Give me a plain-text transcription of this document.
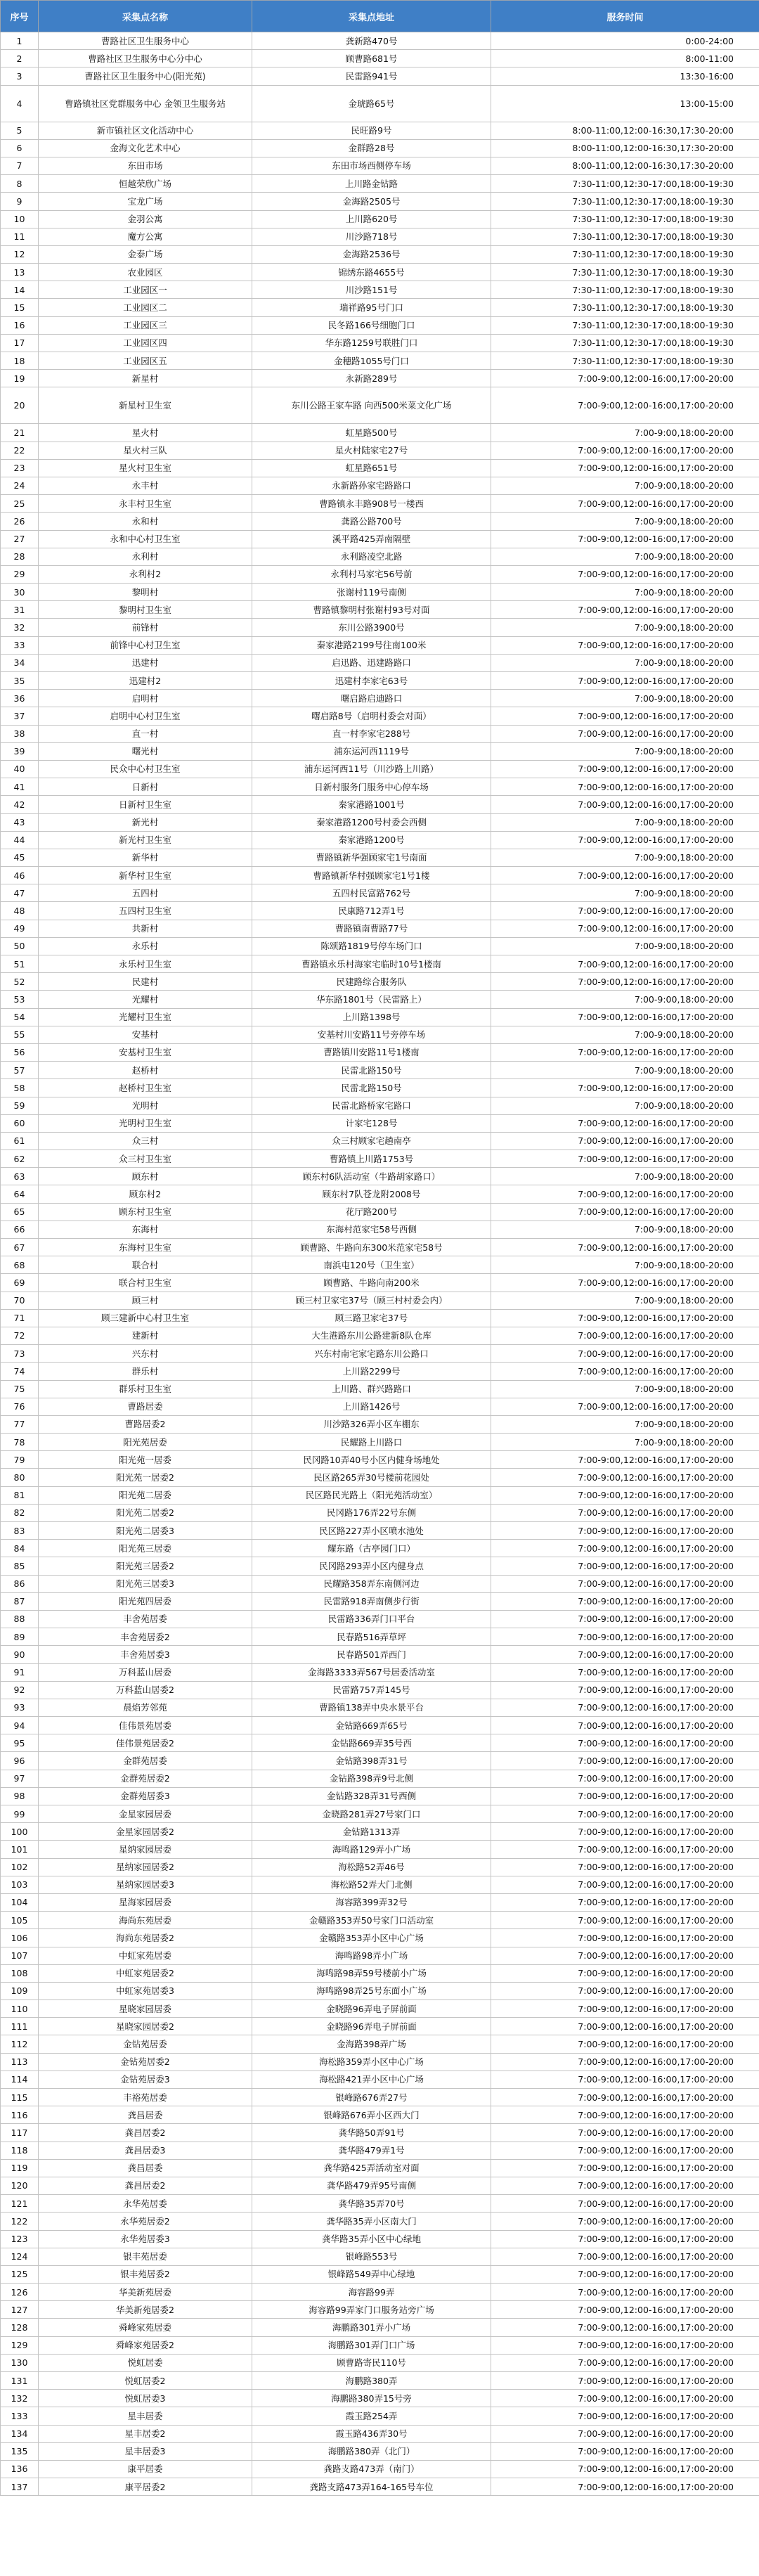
序号	采集点名称	采集点地址	服务时间
1	曹路社区卫生服务中心	龚新路470号	0:00-24:00
2	曹路社区卫生服务中心分中心	顾曹路681号	8:00-11:00
3	曹路社区卫生服务中心(阳光苑)	民雷路941号	13:30-16:00
4	曹路镇社区党群服务中心 金领卫生服务站	金琥路65号	13:00-15:00
5	新市镇社区文化活动中心	民旺路9号	8:00-11:00,12:00-16:30,17:30-20:00
6	金海文化艺术中心	金群路28号	8:00-11:00,12:00-16:30,17:30-20:00
7	东田市场	东田市场西侧停车场	8:00-11:00,12:00-16:30,17:30-20:00
8	恒越荣欣广场	上川路金钻路	7:30-11:00,12:30-17:00,18:00-19:30
9	宝龙广场	金海路2505号	7:30-11:00,12:30-17:00,18:00-19:30
10	金羽公寓	上川路620号	7:30-11:00,12:30-17:00,18:00-19:30
11	魔方公寓	川沙路718号	7:30-11:00,12:30-17:00,18:00-19:30
12	金泰广场	金海路2536号	7:30-11:00,12:30-17:00,18:00-19:30
13	农业园区	锦绣东路4655号	7:30-11:00,12:30-17:00,18:00-19:30
14	工业园区一	川沙路151号	7:30-11:00,12:30-17:00,18:00-19:30
15	工业园区二	瑞祥路95号门口	7:30-11:00,12:30-17:00,18:00-19:30
16	工业园区三	民冬路166号细胞门口	7:30-11:00,12:30-17:00,18:00-19:30
17	工业园区四	华东路1259号联胜门口	7:30-11:00,12:30-17:00,18:00-19:30
18	工业园区五	金穗路1055号门口	7:30-11:00,12:30-17:00,18:00-19:30
19	新星村	永新路289号	7:00-9:00,12:00-16:00,17:00-20:00
20	新星村卫生室	东川公路王家车路 向西500米菜文化广场	7:00-9:00,12:00-16:00,17:00-20:00
21	星火村	虹星路500号	7:00-9:00,18:00-20:00
22	星火村三队	星火村陆家宅27号	7:00-9:00,12:00-16:00,17:00-20:00
23	星火村卫生室	虹星路651号	7:00-9:00,12:00-16:00,17:00-20:00
24	永丰村	永新路孙家宅路路口	7:00-9:00,18:00-20:00
25	永丰村卫生室	曹路镇永丰路908号一楼西	7:00-9:00,12:00-16:00,17:00-20:00
26	永和村	龚路公路700号	7:00-9:00,18:00-20:00
27	永和中心村卫生室	溪平路425弄南隔壁	7:00-9:00,12:00-16:00,17:00-20:00
28	永利村	永利路凌空北路	7:00-9:00,18:00-20:00
29	永利村2	永利村马家宅56号前	7:00-9:00,12:00-16:00,17:00-20:00
30	黎明村	张谢村119号南侧	7:00-9:00,18:00-20:00
31	黎明村卫生室	曹路镇黎明村张谢村93号对面	7:00-9:00,12:00-16:00,17:00-20:00
32	前锋村	东川公路3900号	7:00-9:00,18:00-20:00
33	前锋中心村卫生室	秦家港路2199号往南100米	7:00-9:00,12:00-16:00,17:00-20:00
34	迅建村	启迅路、迅建路路口	7:00-9:00,18:00-20:00
35	迅建村2	迅建村李家宅63号	7:00-9:00,12:00-16:00,17:00-20:00
36	启明村	曙启路启迪路口	7:00-9:00,18:00-20:00
37	启明中心村卫生室	曙启路8号（启明村委会对面）	7:00-9:00,12:00-16:00,17:00-20:00
38	直一村	直一村李家宅288号	7:00-9:00,12:00-16:00,17:00-20:00
39	曙光村	浦东运河西1119号	7:00-9:00,18:00-20:00
40	民众中心村卫生室	浦东运河西11号（川沙路上川路）	7:00-9:00,12:00-16:00,17:00-20:00
41	日新村	日新村服务门服务中心停车场	7:00-9:00,12:00-16:00,17:00-20:00
42	日新村卫生室	秦家港路1001号	7:00-9:00,12:00-16:00,17:00-20:00
43	新光村	秦家港路1200号村委会西侧	7:00-9:00,18:00-20:00
44	新光村卫生室	秦家港路1200号	7:00-9:00,12:00-16:00,17:00-20:00
45	新华村	曹路镇新华强顾家宅1号南面	7:00-9:00,18:00-20:00
46	新华村卫生室	曹路镇新华村强顾家宅1号1楼	7:00-9:00,12:00-16:00,17:00-20:00
47	五四村	五四村民富路762号	7:00-9:00,18:00-20:00
48	五四村卫生室	民康路712弄1号	7:00-9:00,12:00-16:00,17:00-20:00
49	共新村	曹路镇南曹路77号	7:00-9:00,12:00-16:00,17:00-20:00
50	永乐村	陈颂路1819号停车场门口	7:00-9:00,18:00-20:00
51	永乐村卫生室	曹路镇永乐村海家宅临时10号1楼南	7:00-9:00,12:00-16:00,17:00-20:00
52	民建村	民建路综合服务队	7:00-9:00,12:00-16:00,17:00-20:00
53	光耀村	华东路1801号（民雷路上）	7:00-9:00,18:00-20:00
54	光耀村卫生室	上川路1398号	7:00-9:00,12:00-16:00,17:00-20:00
55	安基村	安基村川安路11号旁停车场	7:00-9:00,18:00-20:00
56	安基村卫生室	曹路镇川安路11号1楼南	7:00-9:00,12:00-16:00,17:00-20:00
57	赵桥村	民雷北路150号	7:00-9:00,18:00-20:00
58	赵桥村卫生室	民雷北路150号	7:00-9:00,12:00-16:00,17:00-20:00
59	光明村	民雷北路桥家宅路口	7:00-9:00,18:00-20:00
60	光明村卫生室	计家宅128号	7:00-9:00,12:00-16:00,17:00-20:00
61	众三村	众三村顾家宅趟南亭	7:00-9:00,12:00-16:00,17:00-20:00
62	众三村卫生室	曹路镇上川路1753号	7:00-9:00,12:00-16:00,17:00-20:00
63	顾东村	顾东村6队活动室（牛路胡家路口）	7:00-9:00,18:00-20:00
64	顾东村2	顾东村7队苍龙附2008号	7:00-9:00,12:00-16:00,17:00-20:00
65	顾东村卫生室	花厅路200号	7:00-9:00,12:00-16:00,17:00-20:00
66	东海村	东海村范家宅58号西侧	7:00-9:00,18:00-20:00
67	东海村卫生室	顾曹路、牛路向东300米范家宅58号	7:00-9:00,12:00-16:00,17:00-20:00
68	联合村	南浜屯120号（卫生室）	7:00-9:00,18:00-20:00
69	联合村卫生室	顾曹路、牛路向南200米	7:00-9:00,12:00-16:00,17:00-20:00
70	顾三村	顾三村卫家宅37号（顾三村村委会内）	7:00-9:00,18:00-20:00
71	顾三建新中心村卫生室	顾三路卫家宅37号	7:00-9:00,12:00-16:00,17:00-20:00
72	建新村	大生港路东川公路建新8队仓库	7:00-9:00,12:00-16:00,17:00-20:00
73	兴东村	兴东村南宅家宅路东川公路口	7:00-9:00,12:00-16:00,17:00-20:00
74	群乐村	上川路2299号	7:00-9:00,12:00-16:00,17:00-20:00
75	群乐村卫生室	上川路、群兴路路口	7:00-9:00,18:00-20:00
76	曹路居委	上川路1426号	7:00-9:00,12:00-16:00,17:00-20:00
77	曹路居委2	川沙路326弄小区车棚东	7:00-9:00,18:00-20:00
78	阳光苑居委	民耀路上川路口	7:00-9:00,18:00-20:00
79	阳光苑一居委	民冈路10弄40号小区内健身场地处	7:00-9:00,12:00-16:00,17:00-20:00
80	阳光苑一居委2	民区路265弄30号楼前花园处	7:00-9:00,12:00-16:00,17:00-20:00
81	阳光苑二居委	民区路民光路上（阳光苑活动室）	7:00-9:00,12:00-16:00,17:00-20:00
82	阳光苑二居委2	民冈路176弄22号东侧	7:00-9:00,12:00-16:00,17:00-20:00
83	阳光苑二居委3	民区路227弄小区喷水池处	7:00-9:00,12:00-16:00,17:00-20:00
84	阳光苑三居委	耀东路（古亭园门口）	7:00-9:00,12:00-16:00,17:00-20:00
85	阳光苑三居委2	民冈路293弄小区内健身点	7:00-9:00,12:00-16:00,17:00-20:00
86	阳光苑三居委3	民耀路358弄东南侧河边	7:00-9:00,12:00-16:00,17:00-20:00
87	阳光苑四居委	民雷路918弄南侧步行街	7:00-9:00,12:00-16:00,17:00-20:00
88	丰舍苑居委	民雷路336弄门口平台	7:00-9:00,12:00-16:00,17:00-20:00
89	丰舍苑居委2	民春路516弄草坪	7:00-9:00,12:00-16:00,17:00-20:00
90	丰舍苑居委3	民春路501弄西门	7:00-9:00,12:00-16:00,17:00-20:00
91	万科蓝山居委	金海路3333弄567号居委活动室	7:00-9:00,12:00-16:00,17:00-20:00
92	万科蓝山居委2	民雷路757弄145号	7:00-9:00,12:00-16:00,17:00-20:00
93	晨焰芳邻苑	曹路镇138弄中央水景平台	7:00-9:00,12:00-16:00,17:00-20:00
94	佳伟景苑居委	金钻路669弄65号	7:00-9:00,12:00-16:00,17:00-20:00
95	佳伟景苑居委2	金钻路669弄35号西	7:00-9:00,12:00-16:00,17:00-20:00
96	金群苑居委	金钻路398弄31号	7:00-9:00,12:00-16:00,17:00-20:00
97	金群苑居委2	金钻路398弄9号北侧	7:00-9:00,12:00-16:00,17:00-20:00
98	金群苑居委3	金钻路328弄31号西侧	7:00-9:00,12:00-16:00,17:00-20:00
99	金星家园居委	金晓路281弄27号家门口	7:00-9:00,12:00-16:00,17:00-20:00
100	金星家园居委2	金钻路1313弄	7:00-9:00,12:00-16:00,17:00-20:00
101	星纳家园居委	海鸣路129弄小广场	7:00-9:00,12:00-16:00,17:00-20:00
102	星纳家园居委2	海松路52弄46号	7:00-9:00,12:00-16:00,17:00-20:00
103	星纳家园居委3	海松路52弄大门北侧	7:00-9:00,12:00-16:00,17:00-20:00
104	星海家园居委	海容路399弄32号	7:00-9:00,12:00-16:00,17:00-20:00
105	海尚东苑居委	金赣路353弄50号家门口活动室	7:00-9:00,12:00-16:00,17:00-20:00
106	海尚东苑居委2	金赣路353弄小区中心广场	7:00-9:00,12:00-16:00,17:00-20:00
107	中虹家苑居委	海鸣路98弄小广场	7:00-9:00,12:00-16:00,17:00-20:00
108	中虹家苑居委2	海鸣路98弄59号楼前小广场	7:00-9:00,12:00-16:00,17:00-20:00
109	中虹家苑居委3	海鸣路98弄25号东面小广场	7:00-9:00,12:00-16:00,17:00-20:00
110	星晓家园居委	金晓路96弄电子屏前面	7:00-9:00,12:00-16:00,17:00-20:00
111	星晓家园居委2	金晓路96弄电子屏前面	7:00-9:00,12:00-16:00,17:00-20:00
112	金钻苑居委	金海路398弄广场	7:00-9:00,12:00-16:00,17:00-20:00
113	金钻苑居委2	海松路359弄小区中心广场	7:00-9:00,12:00-16:00,17:00-20:00
114	金钻苑居委3	海松路421弄小区中心广场	7:00-9:00,12:00-16:00,17:00-20:00
115	丰裕苑居委	银峰路676弄27号	7:00-9:00,12:00-16:00,17:00-20:00
116	龚昌居委	银峰路676弄小区西大门	7:00-9:00,12:00-16:00,17:00-20:00
117	龚昌居委2	龚华路50弄91号	7:00-9:00,12:00-16:00,17:00-20:00
118	龚昌居委3	龚华路479弄1号	7:00-9:00,12:00-16:00,17:00-20:00
119	龚昌居委	龚华路425弄活动室对面	7:00-9:00,12:00-16:00,17:00-20:00
120	龚昌居委2	龚华路479弄95号南侧	7:00-9:00,12:00-16:00,17:00-20:00
121	永华苑居委	龚华路35弄70号	7:00-9:00,12:00-16:00,17:00-20:00
122	永华苑居委2	龚华路35弄小区南大门	7:00-9:00,12:00-16:00,17:00-20:00
123	永华苑居委3	龚华路35弄小区中心绿地	7:00-9:00,12:00-16:00,17:00-20:00
124	银丰苑居委	银峰路553号	7:00-9:00,12:00-16:00,17:00-20:00
125	银丰苑居委2	银峰路549弄中心绿地	7:00-9:00,12:00-16:00,17:00-20:00
126	华美新苑居委	海容路99弄	7:00-9:00,12:00-16:00,17:00-20:00
127	华美新苑居委2	海容路99弄家门口服务站旁广场	7:00-9:00,12:00-16:00,17:00-20:00
128	舜峰家苑居委	海鹏路301弄小广场	7:00-9:00,12:00-16:00,17:00-20:00
129	舜峰家苑居委2	海鹏路301弄门口广场	7:00-9:00,12:00-16:00,17:00-20:00
130	悦虹居委	顾曹路寄民110号	7:00-9:00,12:00-16:00,17:00-20:00
131	悦虹居委2	海鹏路380弄	7:00-9:00,12:00-16:00,17:00-20:00
132	悦虹居委3	海鹏路380弄15号旁	7:00-9:00,12:00-16:00,17:00-20:00
133	星丰居委	霞玉路254弄	7:00-9:00,12:00-16:00,17:00-20:00
134	星丰居委2	霞玉路436弄30号	7:00-9:00,12:00-16:00,17:00-20:00
135	星丰居委3	海鹏路380弄（北门）	7:00-9:00,12:00-16:00,17:00-20:00
136	康平居委	龚路支路473弄（南门）	7:00-9:00,12:00-16:00,17:00-20:00
137	康平居委2	龚路支路473弄164-165号车位	7:00-9:00,12:00-16:00,17:00-20:00
